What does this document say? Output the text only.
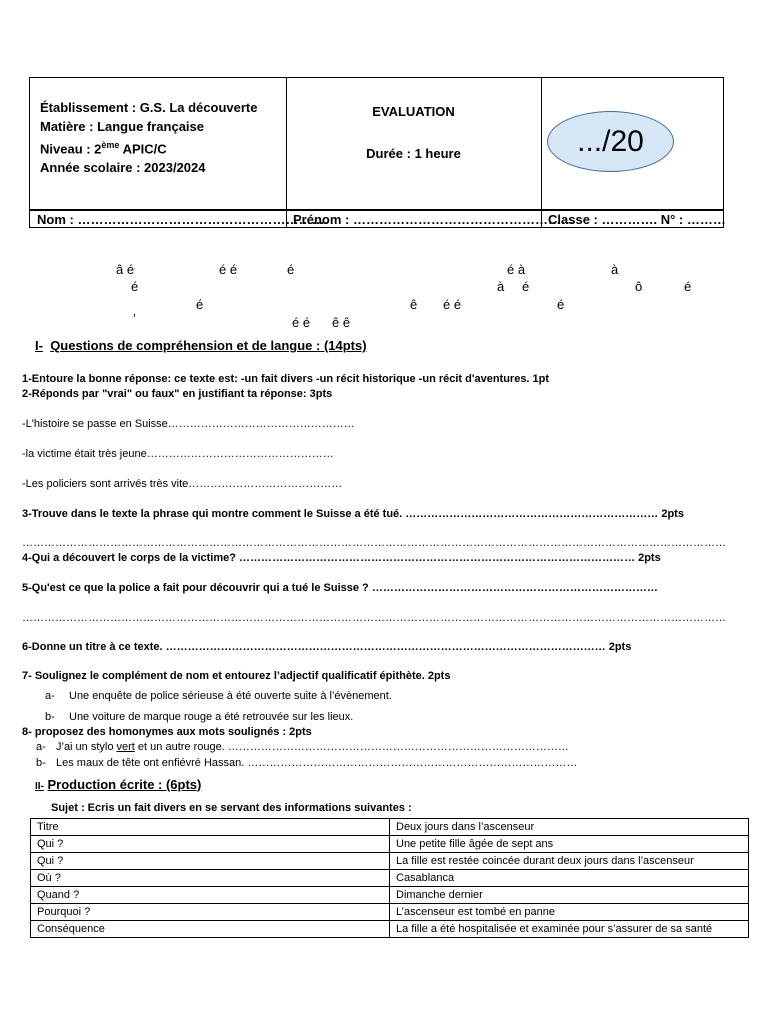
Établissement : G.S. La découverte
Matière : Langue française
Niveau : 2ème APIC/C
Année scolaire : 2023/2024
EVALUATION
Durée : 1 heure	.../20
Nom : ………………………………………………….
Prénom : ……………………………………………
Classe : …………. N° : ………
â é	é é	é	é à	à
é	à é	ô	é
é	ê é é	é
’	é é ê ê
I- Questions de compréhension et de langue : (14pts)
1-Entoure la bonne réponse: ce texte est: -un fait divers -un récit historique -un récit d'aventures. 1pt
2-Réponds par "vrai" ou faux" en justifiant ta réponse: 3pts
-L'histoire se passe en Suisse……………………………………………
-la victime était très jeune……………………………………………
-Les policiers sont arrivés très vite……………………………………
3-Trouve dans le texte la phrase qui montre comment le Suisse a été tué. …………………………………………………………… 2pts
…………………………………………………………………………………………………………………………………………………………………………
4-Qui a découvert le corps de la victime? ……………………………………………………………………………………………… 2pts
5-Qu'est ce que la police a fait pour découvrir qui a tué le Suisse ? ……………………………………………………………………
…………………………………………………………………………………………………………………………………………………………………………
6-Donne un titre à ce texte. ………………………………………………………………………………………………………… 2pts
7- Soulignez le complément de nom et entourez l’adjectif qualificatif épithète. 2pts
a- Une enquête de police sérieuse à été ouverte suite à l’évènement.
b- Une voiture de marque rouge a été retrouvée sur les lieux.
8- proposez des homonymes aux mots soulignés : 2pts
a- J’ai un stylo vert et un autre rouge. …………………………………………………………………………………
b- Les maux de tête ont enfiévré Hassan. ………………………………………………………………………………
II- Production écrite : (6pts)
Sujet : Ecris un fait divers en se servant des informations suivantes :
Titre	Deux jours dans l’ascenseur
Qui ?	Une petite fille âgée de sept ans
Qui ?	La fille est restée coincée durant deux jours dans l’ascenseur
Où ?	Casablanca
Quand ?	Dimanche dernier
Pourquoi ?	L’ascenseur est tombé en panne
Conséquence	La fille a été hospitalisée et examinée pour s’assurer de sa santé
